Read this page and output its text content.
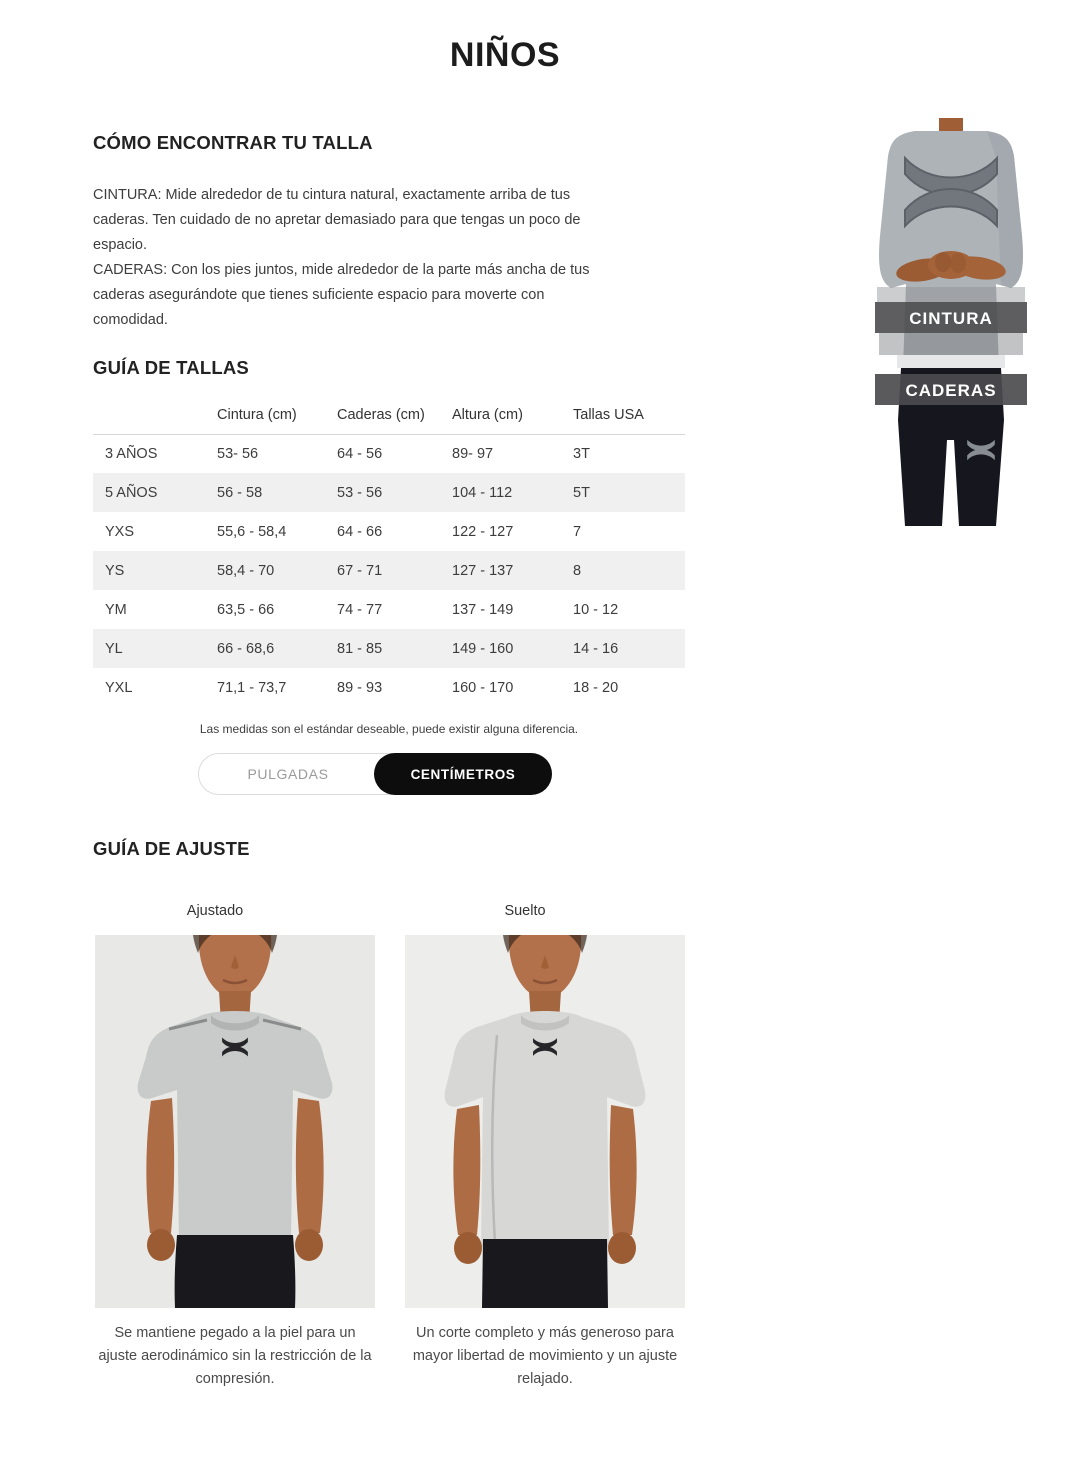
NIÑOS
CÓMO ENCONTRAR TU TALLA

CINTURA: Mide alrededor de tu cintura natural, exactamente arriba de tus caderas. Ten cuidado de no apretar demasiado para que tengas un poco de espacio.

CADERAS: Con los pies juntos, mide alrededor de la parte más ancha de tus caderas asegurándote que tienes suficiente espacio para moverte con comodidad.	CINTURA
CADERAS
GUÍA DE TALLAS
	Cintura (cm)	Caderas (cm)	Altura (cm)	Tallas USA
3 AÑOS	53- 56	64 - 56	89- 97	3T
5 AÑOS	56 - 58	53 - 56	104 - 112	5T
YXS	55,6 - 58,4	64 - 66	122 - 127	7
YS	58,4 - 70	67 - 71	127 - 137	8
YM	63,5 - 66	74 - 77	137 - 149	10 - 12
YL	66 - 68,6	81 - 85	149 - 160	14 - 16
YXL	71,1 - 73,7	89 - 93	160 - 170	18 - 20
Las medidas son el estándar deseable, puede existir alguna diferencia.
PULGADAS	CENTÍMETROS
GUÍA DE AJUSTE
Ajustado	Suelto
Se mantiene pegado a la piel para un ajuste aerodinámico sin la restricción de la compresión.
Un corte completo y más generoso para mayor libertad de movimiento y un ajuste relajado.
